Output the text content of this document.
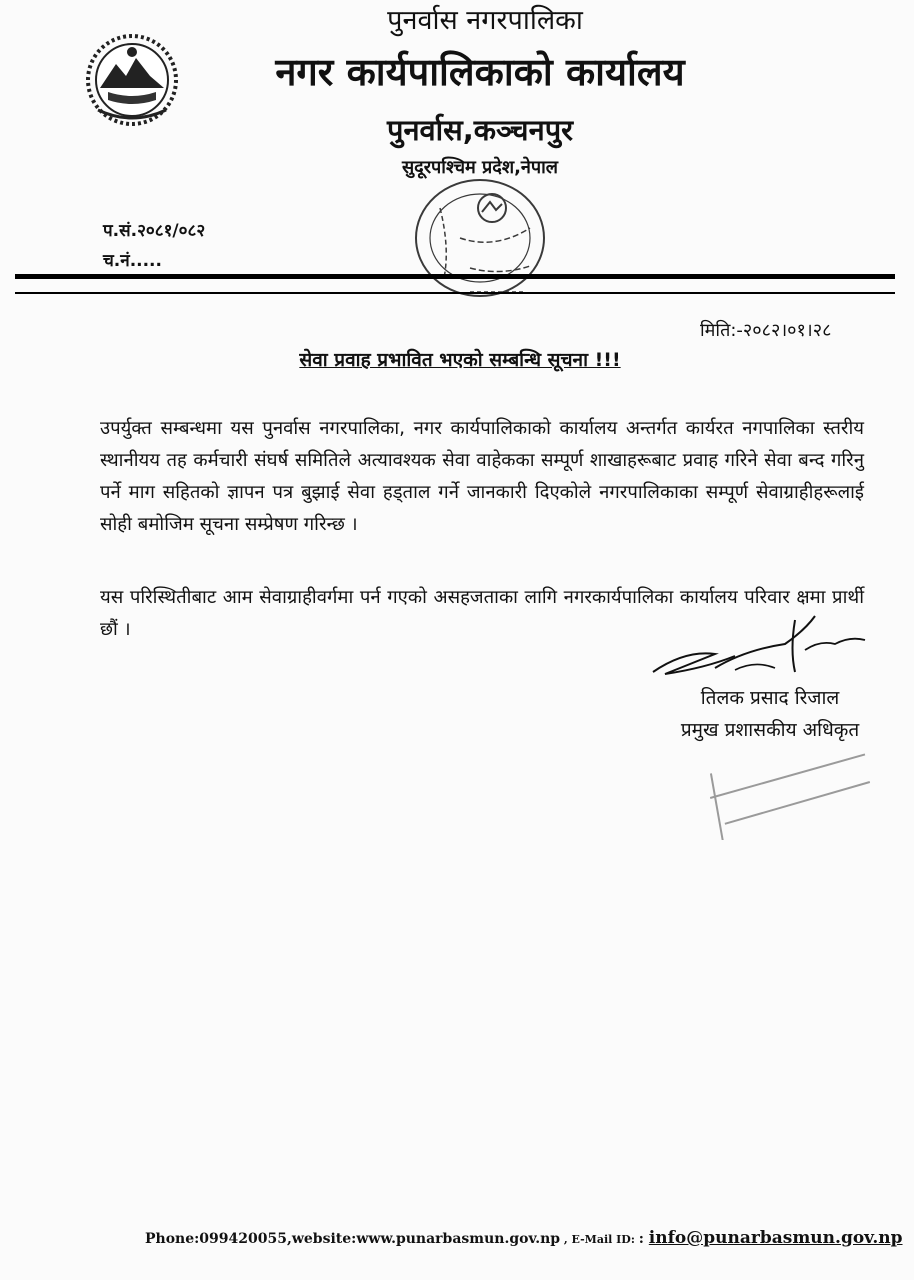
पुनर्वास नगरपालिका
नगर कार्यपालिकाको कार्यालय
पुनर्वास,कञ्चनपुर
सुदूरपश्चिम प्रदेश,नेपाल
प.सं.२०८१/०८२
च.नं.....
मिति:-२०८२।०१।२८
सेवा प्रवाह प्रभावित भएको सम्बन्धि सूचना !!!
उपर्युक्त सम्बन्धमा यस पुनर्वास नगरपालिका, नगर कार्यपालिकाको कार्यालय अन्तर्गत कार्यरत नगपालिका स्तरीय स्थानीयय तह कर्मचारी संघर्ष समितिले अत्यावश्यक सेवा वाहेकका सम्पूर्ण शाखाहरूबाट प्रवाह गरिने सेवा बन्द गरिनु पर्ने माग सहितको ज्ञापन पत्र बुझाई सेवा हड्ताल गर्ने जानकारी दिएकोले नगरपालिकाका सम्पूर्ण सेवाग्राहीहरूलाई सोही बमोजिम सूचना सम्प्रेषण गरिन्छ ।
यस परिस्थितीबाट आम सेवाग्राहीवर्गमा पर्न गएको असहजताका लागि नगरकार्यपालिका कार्यालय परिवार क्षमा प्रार्थी छौं ।
तिलक प्रसाद रिजाल
प्रमुख प्रशासकीय अधिकृत
Phone:099420055,website:www.punarbasmun.gov.np , E-Mail ID: : info@punarbasmun.gov.np
